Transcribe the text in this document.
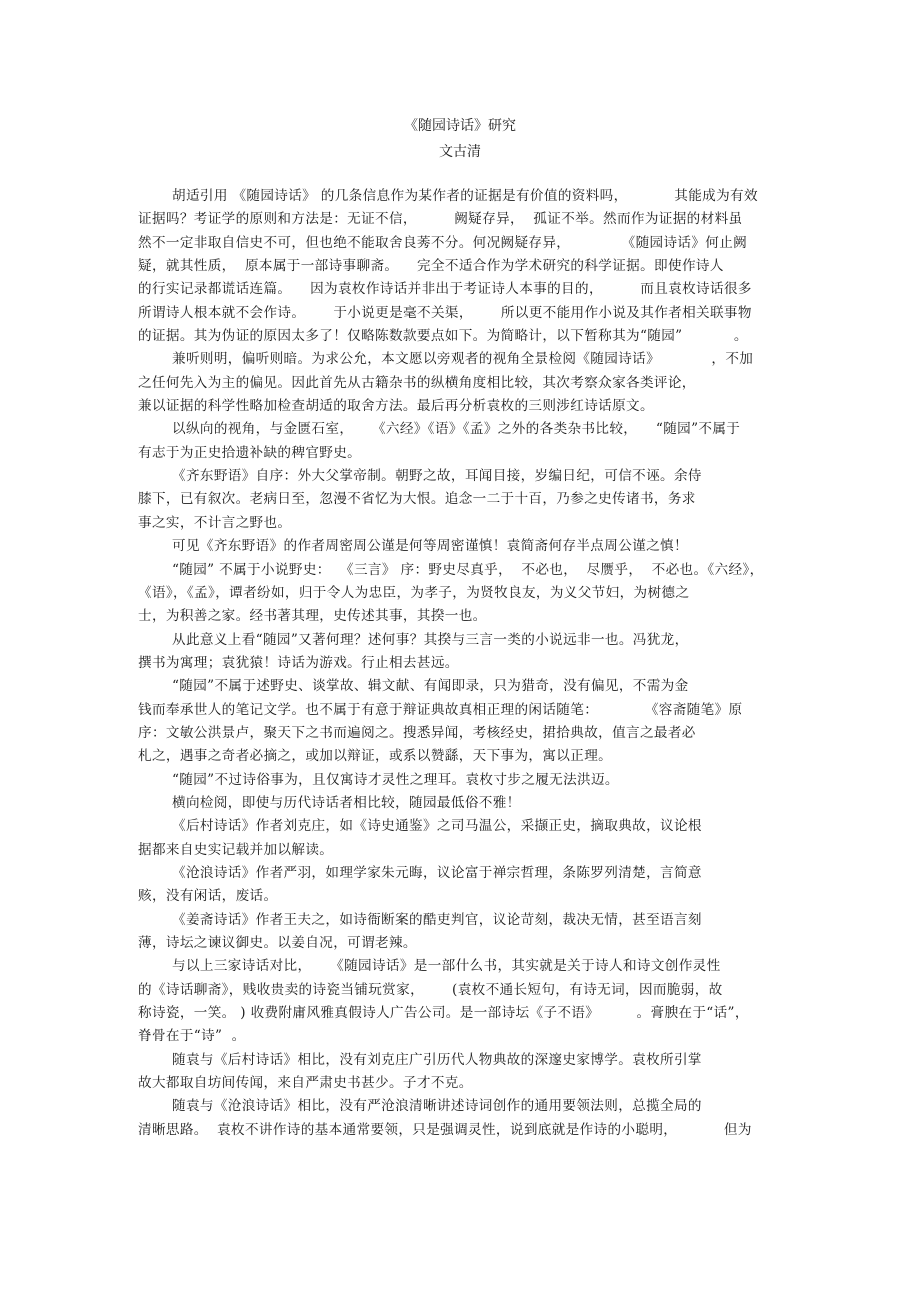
《随园诗话》研究
文古清
胡适引用 《随园诗话》 的几条信息作为某作者的证据是有价值的资料吗，          其能成为有效
证据吗？考证学的原则和方法是：无证不信，        阙疑存异，  孤证不举。然而作为证据的材料虽
然不一定非取自信史不可，但也绝不能取舍良莠不分。何况阙疑存异，           《随园诗话》何止阙
疑，就其性质，  原本属于一部诗事聊斋。    完全不适合作为学术研究的科学证据。即使作诗人
的行实记录都谎话连篇。    因为袁枚作诗话并非出于考证诗人本事的目的，        而且袁枚诗话很多
所谓诗人根本就不会作诗。      于小说更是毫不关渠，      所以更不能用作小说及其作者相关联事物
的证据。其为伪证的原因太多了！仅略陈数款要点如下。为简略计，以下暂称其为“随园”           。
兼听则明，偏听则暗。为求公允，本文愿以旁观者的视角全景检阅《随园诗话》           ，不加
之任何先入为主的偏见。因此首先从古籍杂书的纵横角度相比较，其次考察众家各类评论，
兼以证据的科学性略加检查胡适的取舍方法。最后再分析袁枚的三则涉红诗话原文。
以纵向的视角，与金匮石室，    《六经》《语》《孟》之外的各类杂书比较，    “随园”不属于
有志于为正史拾遗补缺的稗官野史。
《齐东野语》自序：外大父掌帝制。朝野之故，耳闻目接，岁编日纪，可信不诬。余侍
膝下，已有叙次。老病日至，忽漫不省忆为大恨。追念一二于十百，乃参之史传诸书，务求
事之实，不计言之野也。
可见《齐东野语》的作者周密周公谨是何等周密谨慎！袁简斋何存半点周公谨之慎！
“随园” 不属于小说野史：  《三言》 序：野史尽真乎，  不必也，  尽赝乎，  不必也。《六经》，
《语》，《孟》，谭者纷如，归于令人为忠臣，为孝子，为贤牧良友，为义父节妇，为树德之
士，为积善之家。经书著其理，史传述其事，其揆一也。
从此意义上看“随园”又著何理？述何事？其揆与三言一类的小说远非一也。冯犹龙，
撰书为寓理；袁犹猿！诗话为游戏。行止相去甚远。
“随园”不属于述野史、谈掌故、辑文献、有闻即录，只为猎奇，没有偏见，不需为金
钱而奉承世人的笔记文学。也不属于有意于辩证典故真相正理的闲话随笔：          《容斋随笔》原
序：文敏公洪景卢，聚天下之书而遍阅之。搜悉异闻，考核经史，捃拾典故，值言之最者必
札之，遇事之奇者必摘之，或加以辩证，或系以赞繇，天下事为，寓以正理。
“随园”不过诗俗事为，且仅寓诗才灵性之理耳。袁枚寸步之履无法洪迈。
横向检阅，即使与历代诗话者相比较，随园最低俗不雅！
《后村诗话》作者刘克庄，如《诗史通鉴》之司马温公，采撷正史，摘取典故，议论根
据都来自史实记载并加以解读。
《沧浪诗话》作者严羽，如理学家朱元晦，议论富于禅宗哲理，条陈罗列清楚，言简意
赅，没有闲话，废话。
《姜斋诗话》作者王夫之，如诗衙断案的酷吏判官，议论苛刻，裁决无情，甚至语言刻
薄，诗坛之谏议御史。以姜自况，可谓老辣。
与以上三家诗话对比，    《随园诗话》是一部什么书，其实就是关于诗人和诗文创作灵性
的《诗话聊斋》，贱收贵卖的诗瓷当铺玩赏家，      (袁枚不通长短句，有诗无词，因而脆弱，故
称诗瓷，一笑。 ) 收费附庸风雅真假诗人广告公司。是一部诗坛《子不语》        。膏腴在于“话”，
脊骨在于“诗”  。
随袁与《后村诗话》相比，没有刘克庄广引历代人物典故的深邃史家博学。袁枚所引掌
故大都取自坊间传闻，来自严肃史书甚少。子才不克。
随袁与《沧浪诗话》相比，没有严沧浪清晰讲述诗词创作的通用要领法则，总揽全局的
清晰思路。  袁枚不讲作诗的基本通常要领，只是强调灵性，说到底就是作诗的小聪明，          但为
